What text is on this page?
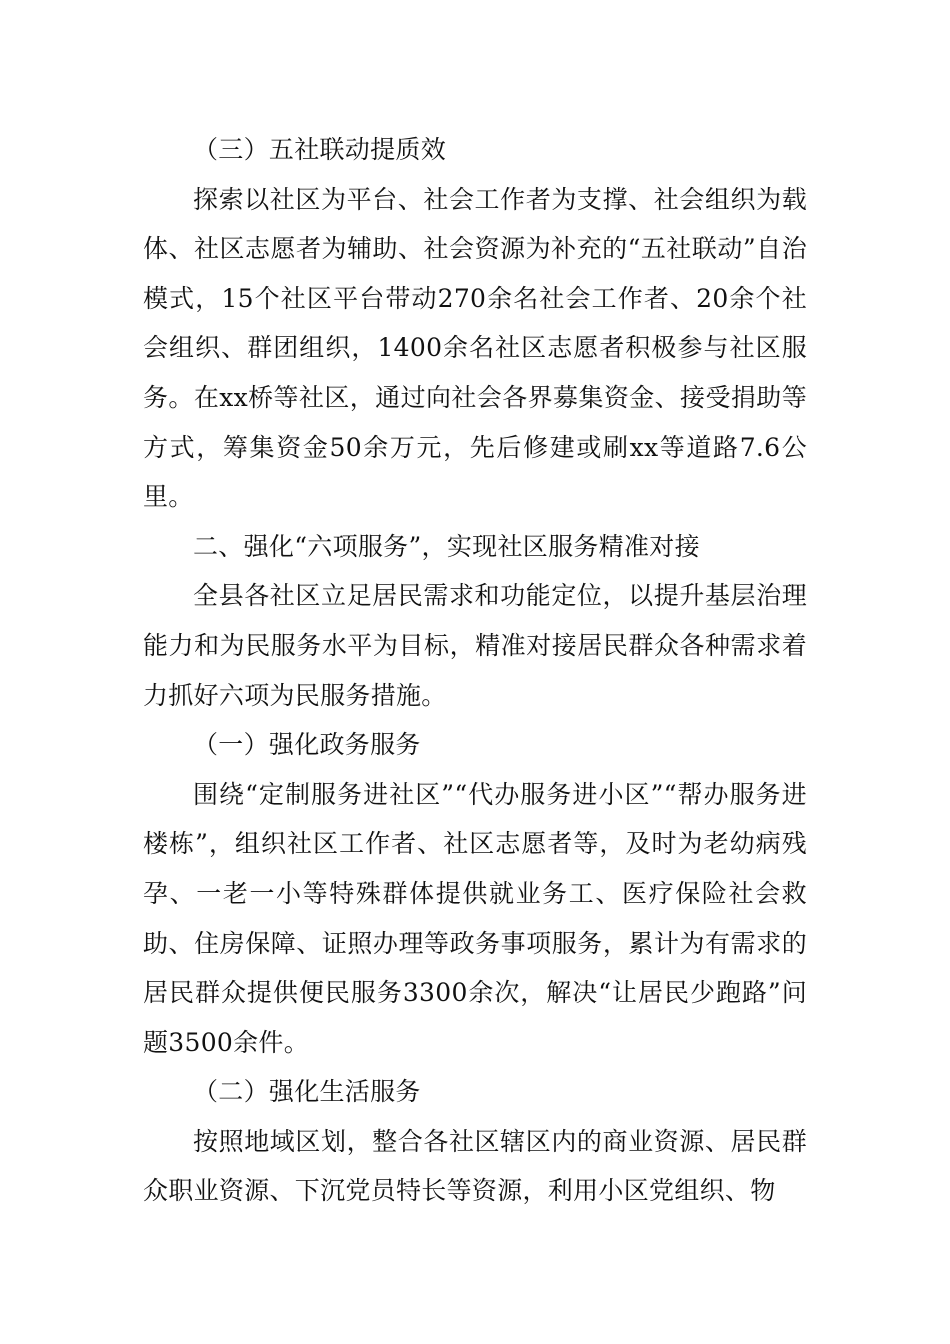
（三）五社联动提质效

探索以社区为平台、社会工作者为支撑、社会组织为载体、社区志愿者为辅助、社会资源为补充的“五社联动”自治模式，15个社区平台带动270余名社会工作者、20余个社会组织、群团组织，1400余名社区志愿者积极参与社区服务。在xx桥等社区，通过向社会各界募集资金、接受捐助等方式，筹集资金50余万元，先后修建或刷xx等道路7.6公里。

二、强化“六项服务”，实现社区服务精准对接

全县各社区立足居民需求和功能定位，以提升基层治理能力和为民服务水平为目标，精准对接居民群众各种需求着力抓好六项为民服务措施。

（一）强化政务服务

围绕“定制服务进社区”“代办服务进小区”“帮办服务进楼栋”，组织社区工作者、社区志愿者等，及时为老幼病残孕、一老一小等特殊群体提供就业务工、医疗保险社会救助、住房保障、证照办理等政务事项服务，累计为有需求的居民群众提供便民服务3300余次，解决“让居民少跑路”问题3500余件。

（二）强化生活服务

按照地域区划，整合各社区辖区内的商业资源、居民群众职业资源、下沉党员特长等资源，利用小区党组织、物
